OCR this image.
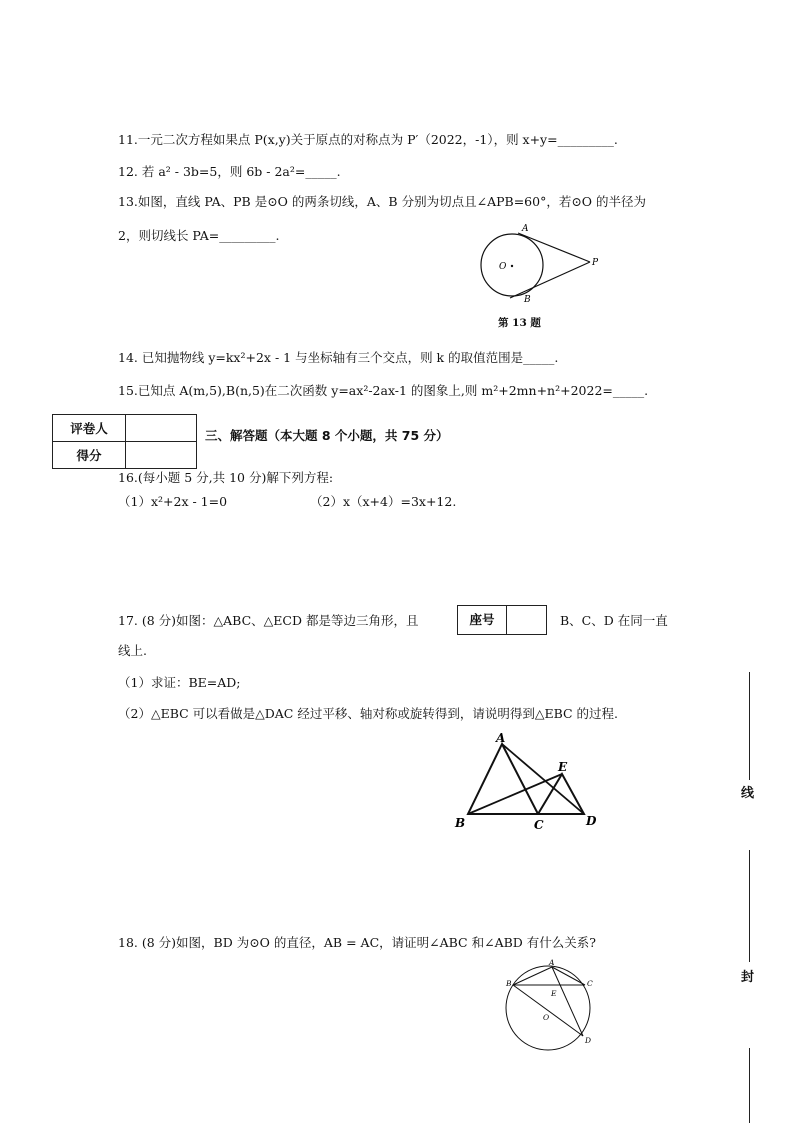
11.一元二次方程如果点 P(x,y)关于原点的对称点为 P′（2022，-1），则 x+y=_________.
12. 若 a² - 3b=5，则 6b - 2a²=_____.
13.如图，直线 PA、PB 是⊙O 的两条切线，A、B 分别为切点且∠APB=60°，若⊙O 的半径为
2，则切线长 PA=_________.	A
B
O	P
第 13 题
14. 已知抛物线 y=kx²+2x - 1 与坐标轴有三个交点，则 k 的取值范围是_____.
15.已知点 A(m,5),B(n,5)在二次函数 y=ax²-2ax-1 的图象上,则 m²+2mn+n²+2022=_____.
评卷人	
得分	
三、解答题（本大题 8 个小题，共 75 分）
16.(每小题 5 分,共 10 分)解下列方程:
（1）x²+2x - 1=0	（2）x（x+4）=3x+12.
17. (8 分)如图：△ABC、△ECD 都是等边三角形，且	座号	B、C、D 在同一直
线上.
（1）求证：BE=AD;
（2）△EBC 可以看做是△DAC 经过平移、轴对称或旋转得到，请说明得到△EBC 的过程.
A
B	C	D
E
18. (8 分)如图，BD 为⊙O 的直径，AB = AC，请证明∠ABC 和∠ABD 有什么关系?
A
B	C
D
E
O
线
封
